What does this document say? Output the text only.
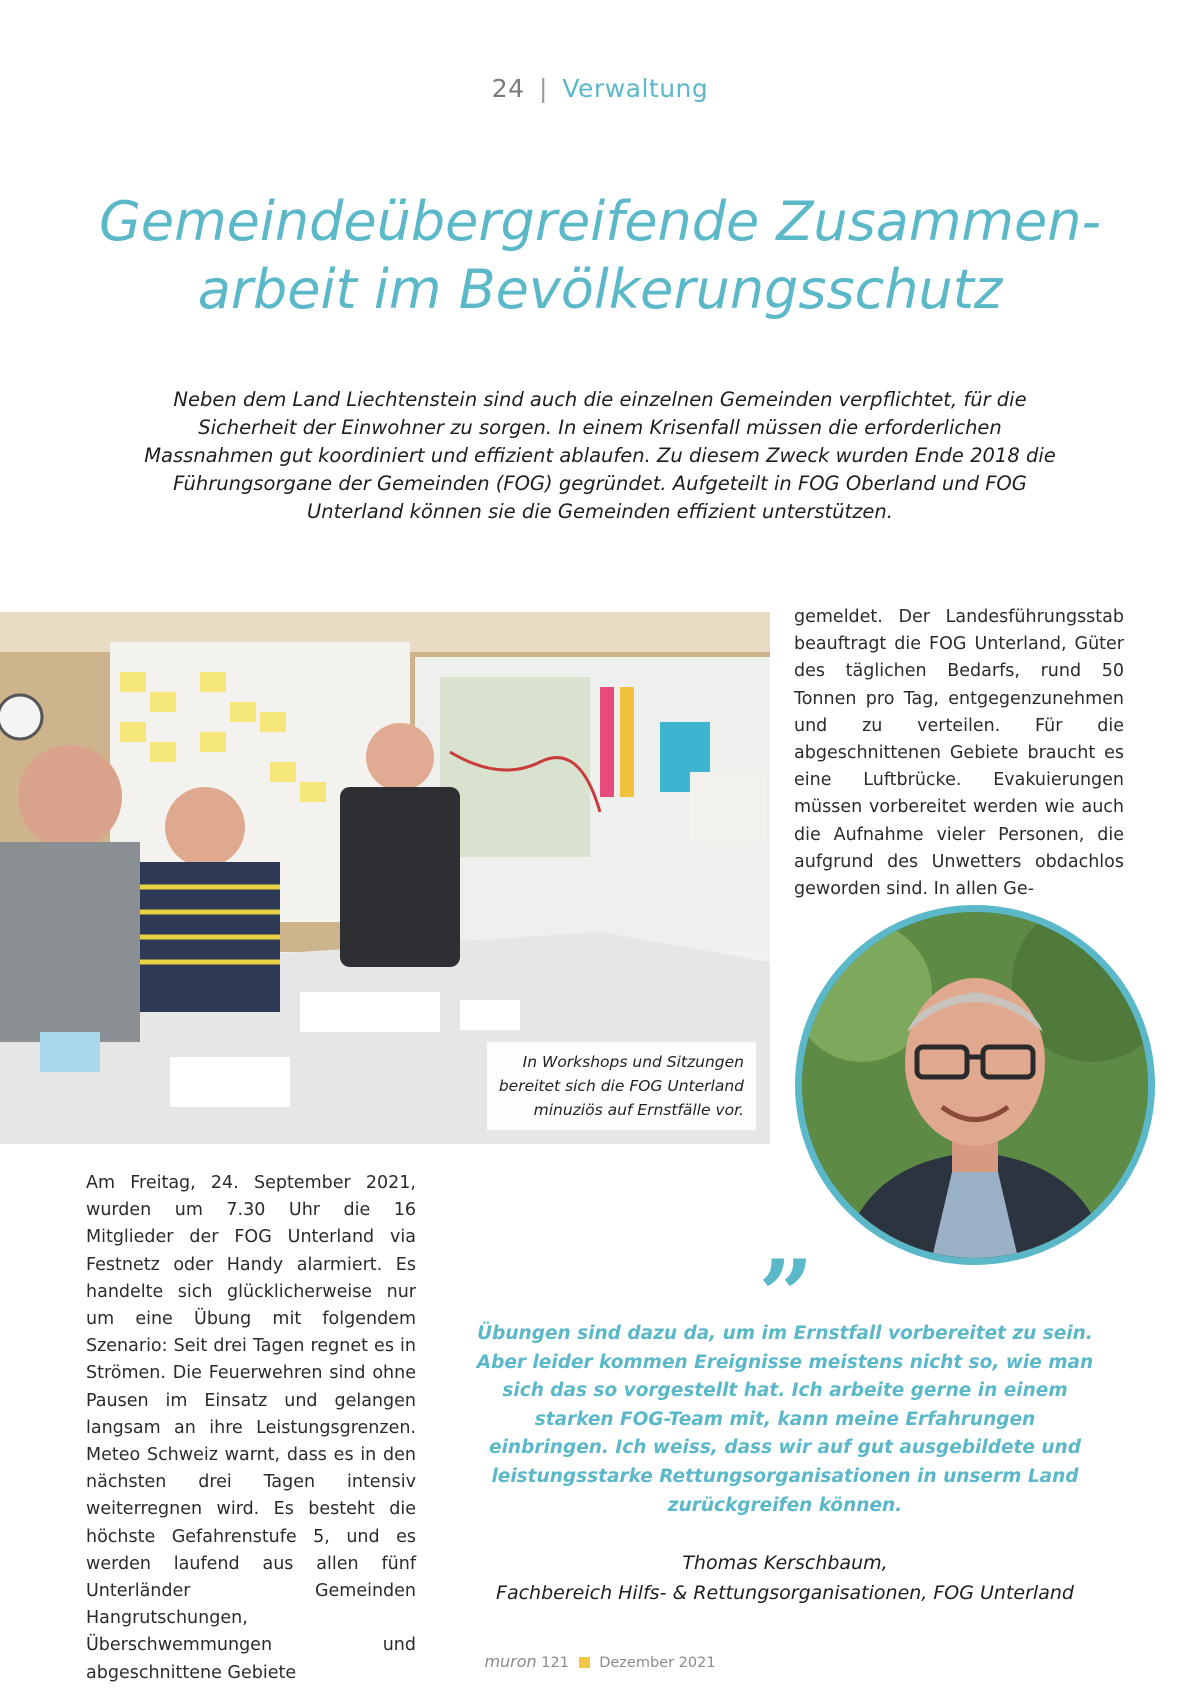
24 | Verwaltung
Gemeindeübergreifende Zusammen-
arbeit im Bevölkerungsschutz

Neben dem Land Liechtenstein sind auch die einzelnen Gemeinden verpflichtet, für die Sicherheit der Einwohner zu sorgen. In einem Krisenfall müssen die erforderlichen Massnahmen gut koordiniert und effizient ablaufen. Zu diesem Zweck wurden Ende 2018 die Führungsorgane der Gemeinden (FOG) gegründet. Aufgeteilt in FOG Oberland und FOG Unterland können sie die Gemeinden effizient unterstützen.

In Workshops und Sitzungen
bereitet sich die FOG Unterland
minuziös auf Ernstfälle vor.

gemeldet. Der Landesführungsstab beauftragt die FOG Unterland, Güter des täglichen Bedarfs, rund 50 Tonnen pro Tag, entgegenzunehmen und zu verteilen. Für die abgeschnittenen Gebiete braucht es eine Luftbrücke. Evakuierungen müssen vorbereitet werden wie auch die Aufnahme vieler Personen, die aufgrund des Unwetters obdachlos geworden sind. In allen Ge-

Am Freitag, 24. September 2021, wurden um 7.30 Uhr die 16 Mitglieder der FOG Unterland via Festnetz oder Handy alarmiert. Es handelte sich glücklicherweise nur um eine Übung mit folgendem Szenario: Seit drei Tagen regnet es in Strömen. Die Feuerwehren sind ohne Pausen im Einsatz und gelangen langsam an ihre Leistungsgrenzen. Meteo Schweiz warnt, dass es in den nächsten drei Tagen intensiv weiterregnen wird. Es besteht die höchste Gefahrenstufe 5, und es werden laufend aus allen fünf Unterländer Gemeinden Hangrutschungen, Überschwemmungen und abgeschnittene Gebiete

”

Übungen sind dazu da, um im Ernstfall vorbereitet zu sein.
Aber leider kommen Ereignisse meistens nicht so, wie man
sich das so vorgestellt hat. Ich arbeite gerne in einem
starken FOG-Team mit, kann meine Erfahrungen
einbringen. Ich weiss, dass wir auf gut ausgebildete und
leistungsstarke Rettungsorganisationen in unserm Land
zurückgreifen können.

Thomas Kerschbaum,
Fachbereich Hilfs- & Rettungsorganisationen, FOG Unterland
muron 121 Dezember 2021
